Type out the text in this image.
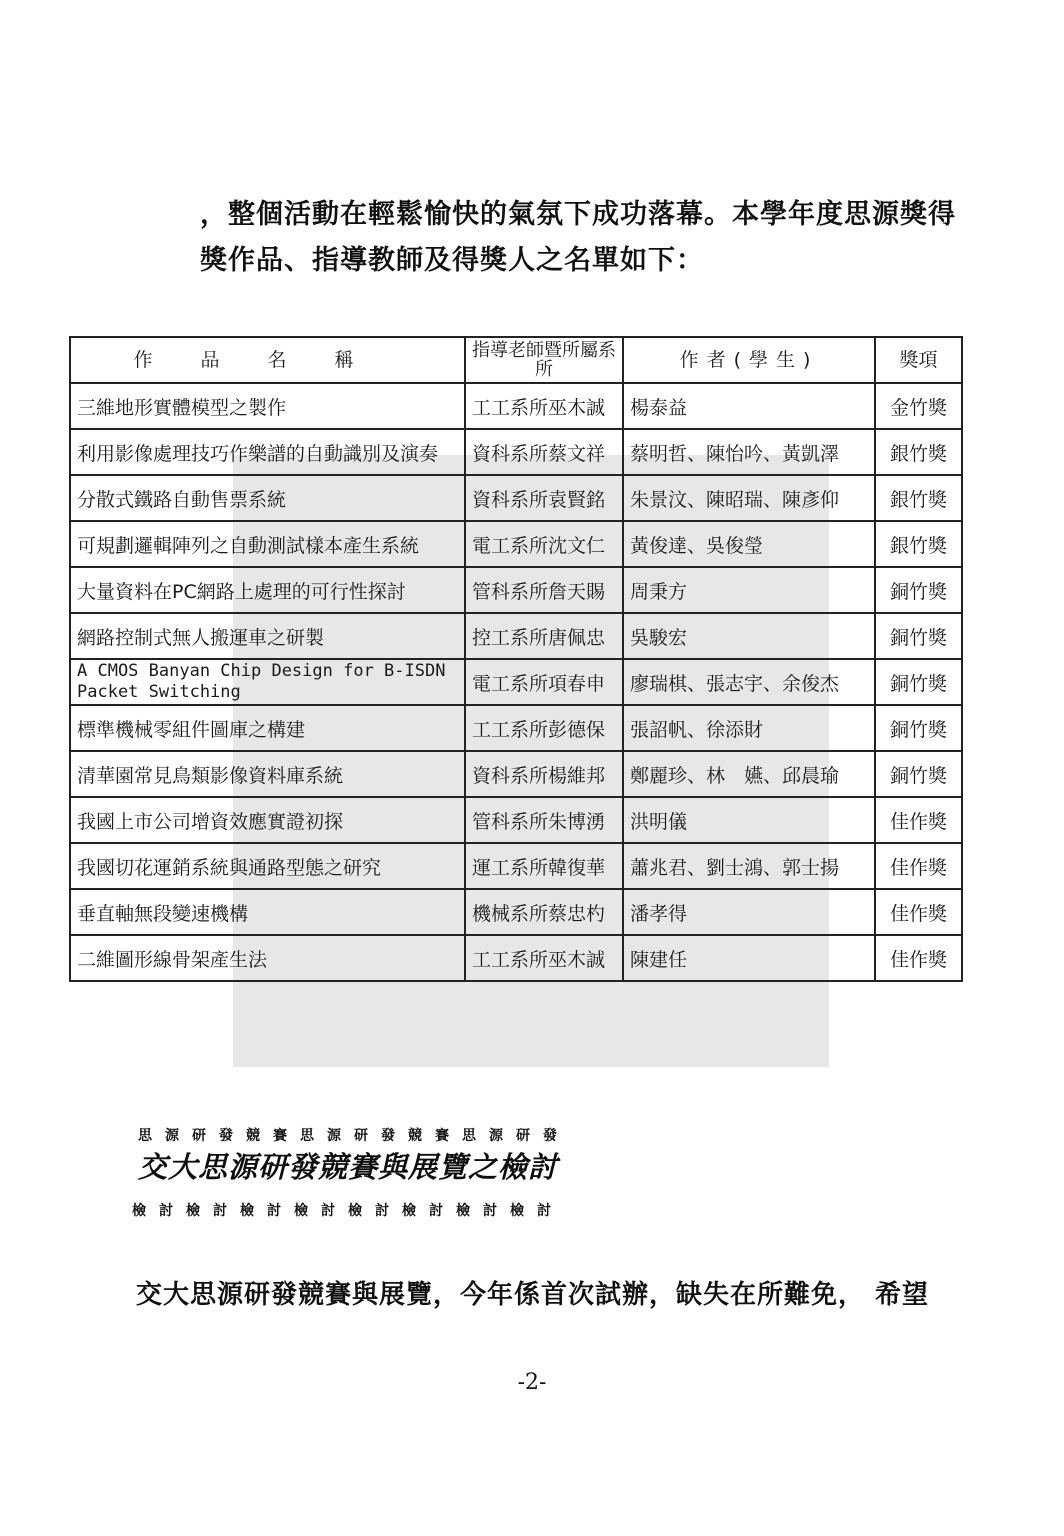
，整個活動在輕鬆愉快的氣氛下成功落幕。本學年度思源獎得
獎作品、指導教師及得獎人之名單如下：
作品名稱	指導老師暨所屬系所	作者(學生)	獎項
三維地形實體模型之製作	工工系所巫木誠	楊泰益	金竹獎
利用影像處理技巧作樂譜的自動識別及演奏	資科系所蔡文祥	蔡明哲、陳怡吟、黃凱澤	銀竹獎
分散式鐵路自動售票系統	資科系所袁賢銘	朱景汶、陳昭瑞、陳彥仰	銀竹獎
可規劃邏輯陣列之自動測試樣本產生系統	電工系所沈文仁	黃俊達、吳俊瑩	銀竹獎
大量資料在PC網路上處理的可行性探討	管科系所詹天賜	周秉方	銅竹獎
網路控制式無人搬運車之研製	控工系所唐佩忠	吳駿宏	銅竹獎
A CMOS Banyan Chip Design for B-ISDN Packet Switching	電工系所項春申	廖瑞棋、張志宇、余俊杰	銅竹獎
標準機械零組件圖庫之構建	工工系所彭德保	張詔帆、徐添財	銅竹獎
清華園常見鳥類影像資料庫系統	資科系所楊維邦	鄭麗珍、林　嬿、邱晨瑜	銅竹獎
我國上市公司增資效應實證初探	管科系所朱博湧	洪明儀	佳作獎
我國切花運銷系統與通路型態之研究	運工系所韓復華	蕭兆君、劉士鴻、郭士揚	佳作獎
垂直軸無段變速機構	機械系所蔡忠杓	潘孝得	佳作獎
二維圖形線骨架產生法	工工系所巫木誠	陳建任	佳作獎
思源研發競賽思源研發競賽思源研發
交大思源研發競賽與展覽之檢討
檢討檢討檢討檢討檢討檢討檢討檢討
交大思源研發競賽與展覽，今年係首次試辦，缺失在所難免， 希望
-2-
